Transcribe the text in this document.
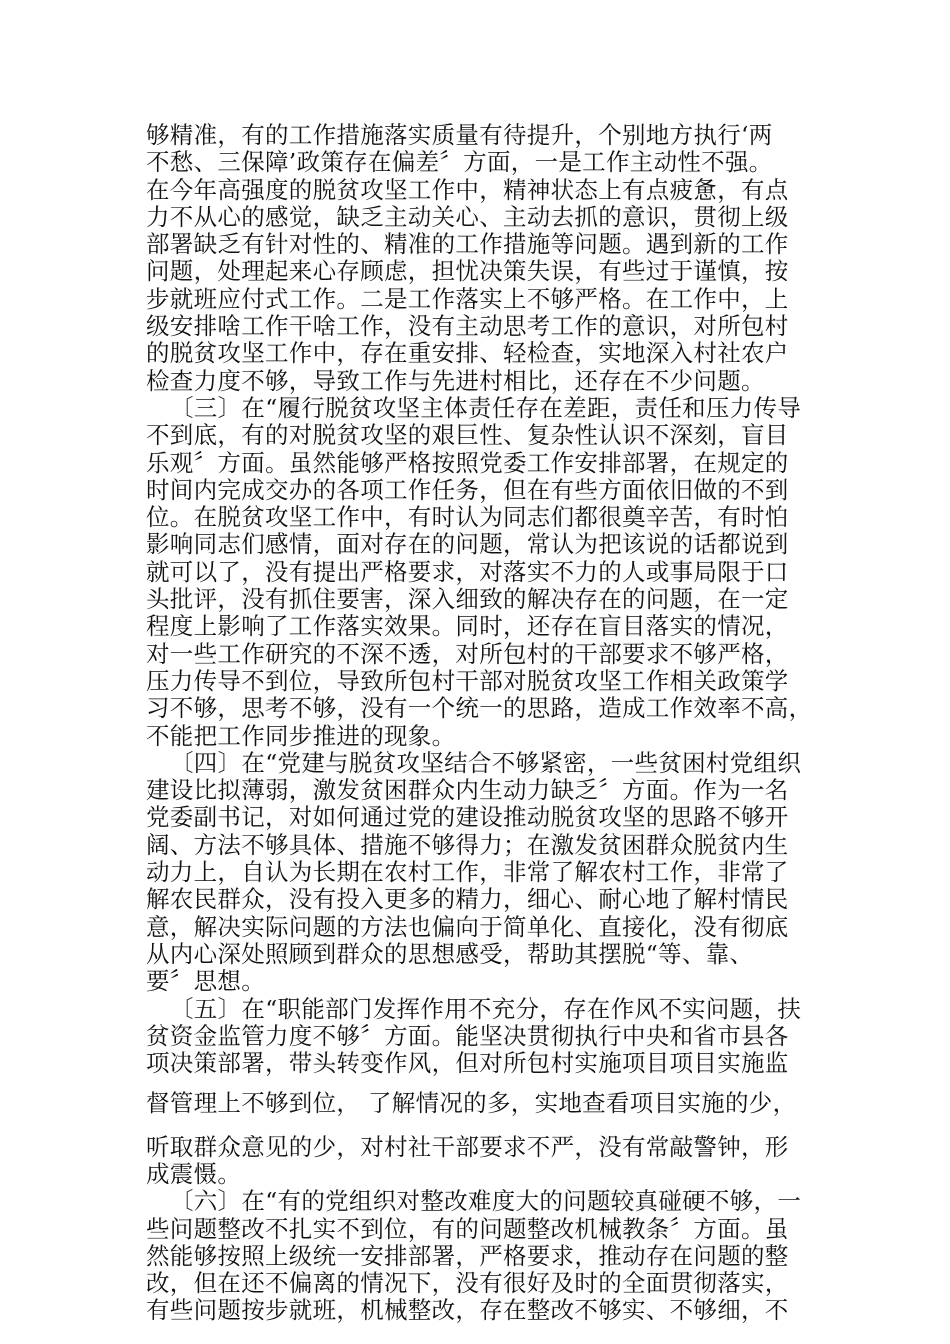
够精准，有的工作措施落实质量有待提升，个别地方执行‘两
不愁、三保障’政策存在偏差〞方面，一是工作主动性不强。
在今年高强度的脱贫攻坚工作中，精神状态上有点疲惫，有点
力不从心的感觉，缺乏主动关心、主动去抓的意识，贯彻上级
部署缺乏有针对性的、精准的工作措施等问题。遇到新的工作
问题，处理起来心存顾虑，担忧决策失误，有些过于谨慎，按
步就班应付式工作。二是工作落实上不够严格。在工作中，上
级安排啥工作干啥工作，没有主动思考工作的意识，对所包村
的脱贫攻坚工作中，存在重安排、轻检查，实地深入村社农户
检查力度不够，导致工作与先进村相比，还存在不少问题。
〔三〕在“履行脱贫攻坚主体责任存在差距，责任和压力传导
不到底，有的对脱贫攻坚的艰巨性、复杂性认识不深刻，盲目
乐观〞方面。虽然能够严格按照党委工作安排部署，在规定的
时间内完成交办的各项工作任务，但在有些方面依旧做的不到
位。在脱贫攻坚工作中，有时认为同志们都很奠辛苦，有时怕
影响同志们感情，面对存在的问题，常认为把该说的话都说到
就可以了，没有提出严格要求，对落实不力的人或事局限于口
头批评，没有抓住要害，深入细致的解决存在的问题，在一定
程度上影响了工作落实效果。同时，还存在盲目落实的情况，
对一些工作研究的不深不透，对所包村的干部要求不够严格，
压力传导不到位，导致所包村干部对脱贫攻坚工作相关政策学
习不够，思考不够，没有一个统一的思路，造成工作效率不高，
不能把工作同步推进的现象。
〔四〕在“党建与脱贫攻坚结合不够紧密，一些贫困村党组织
建设比拟薄弱，激发贫困群众内生动力缺乏〞方面。作为一名
党委副书记，对如何通过党的建设推动脱贫攻坚的思路不够开
阔、方法不够具体、措施不够得力；在激发贫困群众脱贫内生
动力上，自认为长期在农村工作，非常了解农村工作，非常了
解农民群众，没有投入更多的精力，细心、耐心地了解村情民
意，解决实际问题的方法也偏向于简单化、直接化，没有彻底
从内心深处照顾到群众的思想感受，帮助其摆脱“等、靠、
要〞思想。
〔五〕在“职能部门发挥作用不充分，存在作风不实问题，扶
贫资金监管力度不够〞方面。能坚决贯彻执行中央和省市县各
项决策部署，带头转变作风，但对所包村实施项目项目实施监
督管理上不够到位， 了解情况的多，实地查看项目实施的少，
听取群众意见的少，对村社干部要求不严，没有常敲警钟，形
成震慑。
〔六〕在“有的党组织对整改难度大的问题较真碰硬不够，一
些问题整改不扎实不到位，有的问题整改机械教条〞方面。虽
然能够按照上级统一安排部署，严格要求，推动存在问题的整
改，但在还不偏离的情况下，没有很好及时的全面贯彻落实，
有些问题按步就班，机械整改，存在整改不够实、不够细，不
